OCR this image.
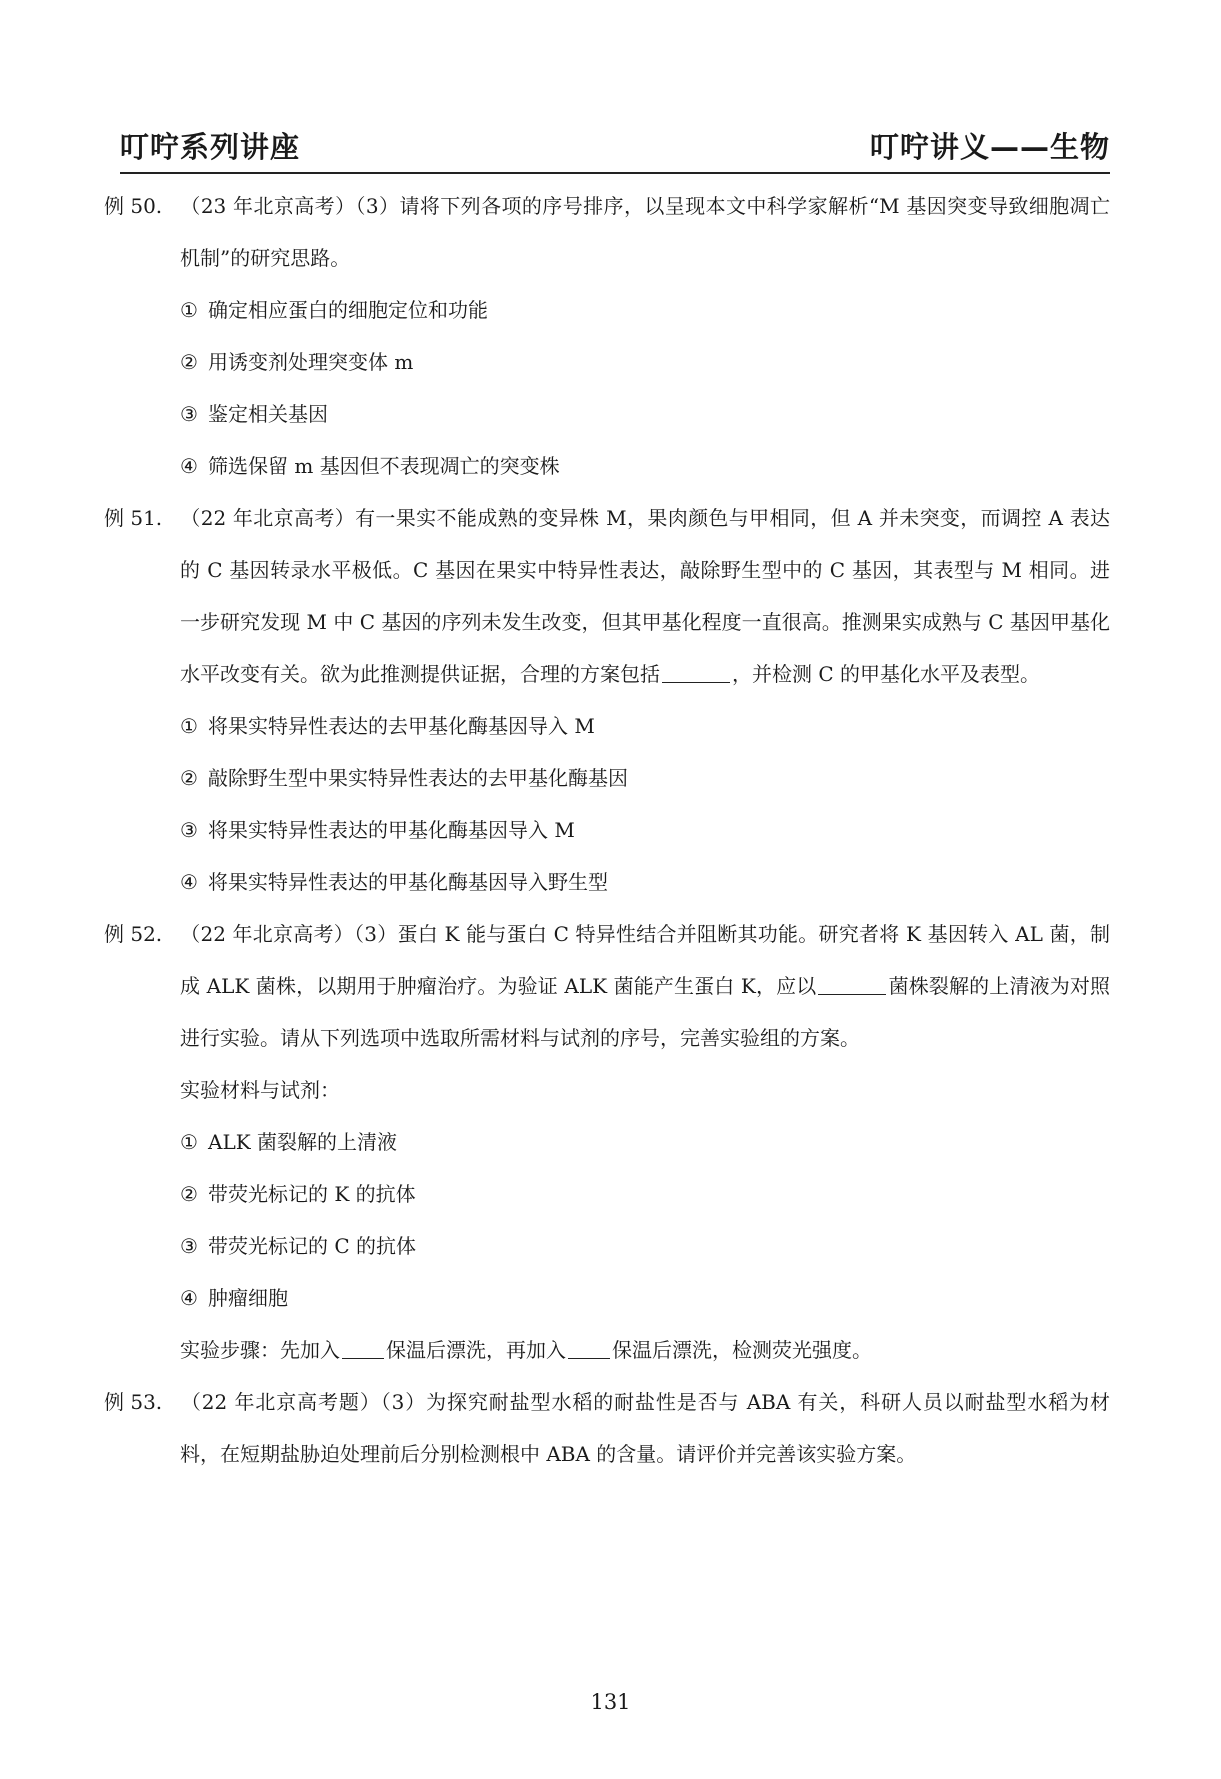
叮咛系列讲座	叮咛讲义——生物
例 50. （23 年北京高考）（3）请将下列各项的序号排序，以呈现本文中科学家解析“M 基因突变导致细胞凋亡机制”的研究思路。
① 确定相应蛋白的细胞定位和功能
② 用诱变剂处理突变体 m
③ 鉴定相关基因
④ 筛选保留 m 基因但不表现凋亡的突变株
例 51. （22 年北京高考）有一果实不能成熟的变异株 M，果肉颜色与甲相同，但 A 并未突变，而调控 A 表达的 C 基因转录水平极低。C 基因在果实中特异性表达，敲除野生型中的 C 基因，其表型与 M 相同。进一步研究发现 M 中 C 基因的序列未发生改变，但其甲基化程度一直很高。推测果实成熟与 C 基因甲基化水平改变有关。欲为此推测提供证据，合理的方案包括	，并检测 C 的甲基化水平及表型。
① 将果实特异性表达的去甲基化酶基因导入 M
② 敲除野生型中果实特异性表达的去甲基化酶基因
③ 将果实特异性表达的甲基化酶基因导入 M
④ 将果实特异性表达的甲基化酶基因导入野生型
例 52. （22 年北京高考）（3）蛋白 K 能与蛋白 C 特异性结合并阻断其功能。研究者将 K 基因转入 AL 菌，制成 ALK 菌株，以期用于肿瘤治疗。为验证 ALK 菌能产生蛋白 K，应以	菌株裂解的上清液为对照进行实验。请从下列选项中选取所需材料与试剂的序号，完善实验组的方案。
实验材料与试剂：
① ALK 菌裂解的上清液
② 带荧光标记的 K 的抗体
③ 带荧光标记的 C 的抗体
④ 肿瘤细胞
实验步骤：先加入 保温后漂洗，再加入 保温后漂洗，检测荧光强度。
例 53. （22 年北京高考题）（3）为探究耐盐型水稻的耐盐性是否与 ABA 有关，科研人员以耐盐型水稻为材料，在短期盐胁迫处理前后分别检测根中 ABA 的含量。请评价并完善该实验方案。
131
